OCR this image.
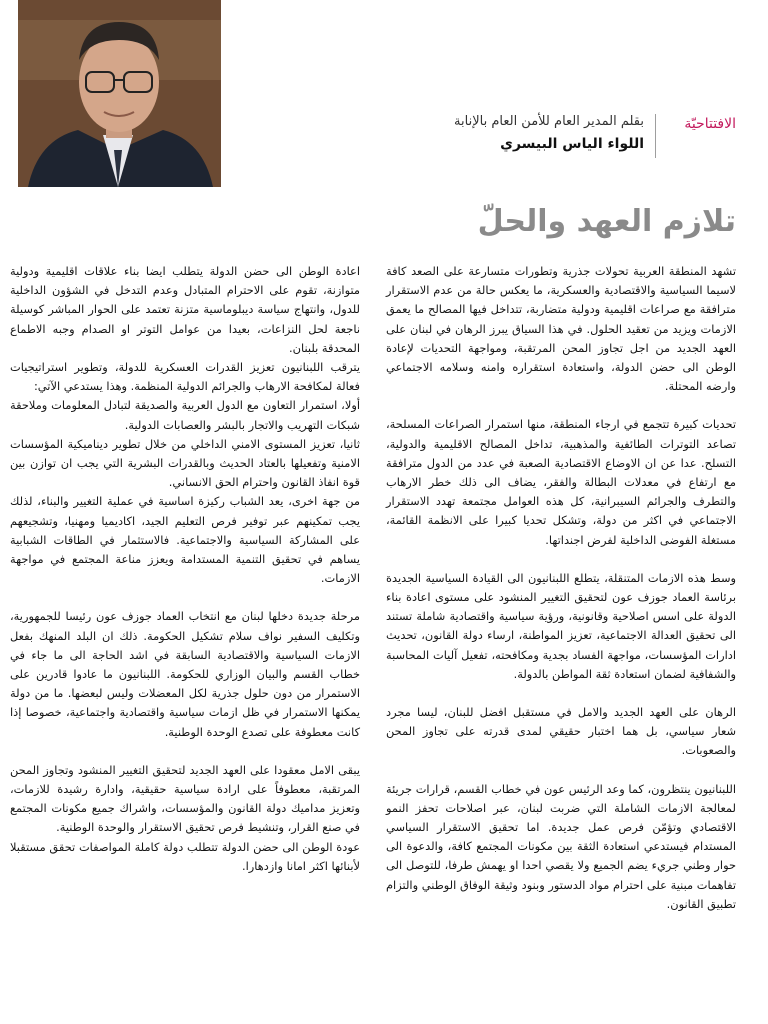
الافتتاحيّة
بقلم المدير العام للأمن العام بالإنابة
اللواء الياس البيسري
تلازم العهد والحلّ

تشهد المنطقة العربية تحولات جذرية وتطورات متسارعة على الصعد كافة لاسيما السياسية والاقتصادية والعسكرية، ما يعكس حالة من عدم الاستقرار مترافقة مع صراعات اقليمية ودولية متضاربة، تتداخل فيها المصالح ما يعمق الازمات ويزيد من تعقيد الحلول. في هذا السياق يبرز الرهان في لبنان على العهد الجديد من اجل تجاوز المحن المرتقبة، ومواجهة التحديات لإعادة الوطن الى حضن الدولة، واستعادة استقراره وامنه وسلامه الاجتماعي وارضه المحتلة.

تحديات كبيرة تتجمع في ارجاء المنطقة، منها استمرار الصراعات المسلحة، تصاعد التوترات الطائفية والمذهبية، تداخل المصالح الاقليمية والدولية، التسلح. عدا عن ان الاوضاع الاقتصادية الصعبة في عدد من الدول مترافقة مع ارتفاع في معدلات البطالة والفقر، يضاف الى ذلك خطر الارهاب والتطرف والجرائم السيبرانية، كل هذه العوامل مجتمعة تهدد الاستقرار الاجتماعي في اكثر من دولة، وتشكل تحديا كبيرا على الانظمة القائمة، مستغلة الفوضى الداخلية لفرض اجنداتها.

وسط هذه الازمات المتنقلة، يتطلع اللبنانيون الى القيادة السياسية الجديدة برئاسة العماد جوزف عون لتحقيق التغيير المنشود على مستوى اعادة بناء الدولة على اسس اصلاحية وقانونية، ورؤية سياسية واقتصادية شاملة تستند الى تحقيق العدالة الاجتماعية، تعزيز المواطنة، ارساء دولة القانون، تحديث ادارات المؤسسات، مواجهة الفساد بجدية ومكافحته، تفعيل آليات المحاسبة والشفافية لضمان استعادة ثقة المواطن بالدولة.

الرهان على العهد الجديد والامل في مستقبل افضل للبنان، ليسا مجرد شعار سياسي، بل هما اختبار حقيقي لمدى قدرته على تجاوز المحن والصعوبات.

اللبنانيون ينتظرون، كما وعد الرئيس عون في خطاب القسم، قرارات جريئة لمعالجة الازمات الشاملة التي ضربت لبنان، عبر اصلاحات تحفز النمو الاقتصادي وتؤمّن فرص عمل جديدة. اما تحقيق الاستقرار السياسي المستدام فيستدعي استعادة الثقة بين مكونات المجتمع كافة، والدعوة الى حوار وطني جريء يضم الجميع ولا يقصي احدا او يهمش طرفا، للتوصل الى تفاهمات مبنية على احترام مواد الدستور وبنود وثيقة الوفاق الوطني والتزام تطبيق القانون.

اعادة الوطن الى حضن الدولة يتطلب ايضا بناء علاقات اقليمية ودولية متوازنة، تقوم على الاحترام المتبادل وعدم التدخل في الشؤون الداخلية للدول، وانتهاج سياسة ديبلوماسية متزنة تعتمد على الحوار المباشر كوسيلة ناجعة لحل النزاعات، بعيدا من عوامل التوتر او الصدام وجبه الاطماع المحدقة بلبنان.

يترقب اللبنانيون تعزيز القدرات العسكرية للدولة، وتطوير استراتيجيات فعالة لمكافحة الارهاب والجرائم الدولية المنظمة. وهذا يستدعي الآتي:

أولا، استمرار التعاون مع الدول العربية والصديقة لتبادل المعلومات وملاحقة شبكات التهريب والاتجار بالبشر والعصابات الدولية.

ثانيا، تعزيز المستوى الامني الداخلي من خلال تطوير ديناميكية المؤسسات الامنية وتفعيلها بالعتاد الحديث وبالقدرات البشرية التي يجب ان توازن بين قوة انفاذ القانون واحترام الحق الانساني.

من جهة اخرى، يعد الشباب ركيزة اساسية في عملية التغيير والبناء، لذلك يجب تمكينهم عبر توفير فرص التعليم الجيد، اكاديميا ومهنيا، وتشجيعهم على المشاركة السياسية والاجتماعية. فالاستثمار في الطاقات الشبابية يساهم في تحقيق التنمية المستدامة ويعزز مناعة المجتمع في مواجهة الازمات.

مرحلة جديدة دخلها لبنان مع انتخاب العماد جوزف عون رئيسا للجمهورية، وتكليف السفير نواف سلام تشكيل الحكومة. ذلك ان البلد المنهك بفعل الازمات السياسية والاقتصادية السابقة في اشد الحاجة الى ما جاء في خطاب القسم والبيان الوزاري للحكومة. اللبنانيون ما عادوا قادرين على الاستمرار من دون حلول جذرية لكل المعضلات وليس لبعضها. ما من دولة يمكنها الاستمرار في ظل ازمات سياسية واقتصادية واجتماعية، خصوصا إذا كانت معطوفة على تصدع الوحدة الوطنية.

يبقى الامل معقودا على العهد الجديد لتحقيق التغيير المنشود وتجاوز المحن المرتقبة، معطوفاً على ارادة سياسية حقيقية، وادارة رشيدة للازمات، وتعزيز مداميك دولة القانون والمؤسسات، واشراك جميع مكونات المجتمع في صنع القرار، وتنشيط فرص تحقيق الاستقرار والوحدة الوطنية.

عودة الوطن الى حضن الدولة تتطلب دولة كاملة المواصفات تحقق مستقبلا لأبنائها اكثر امانا وازدهارا.
